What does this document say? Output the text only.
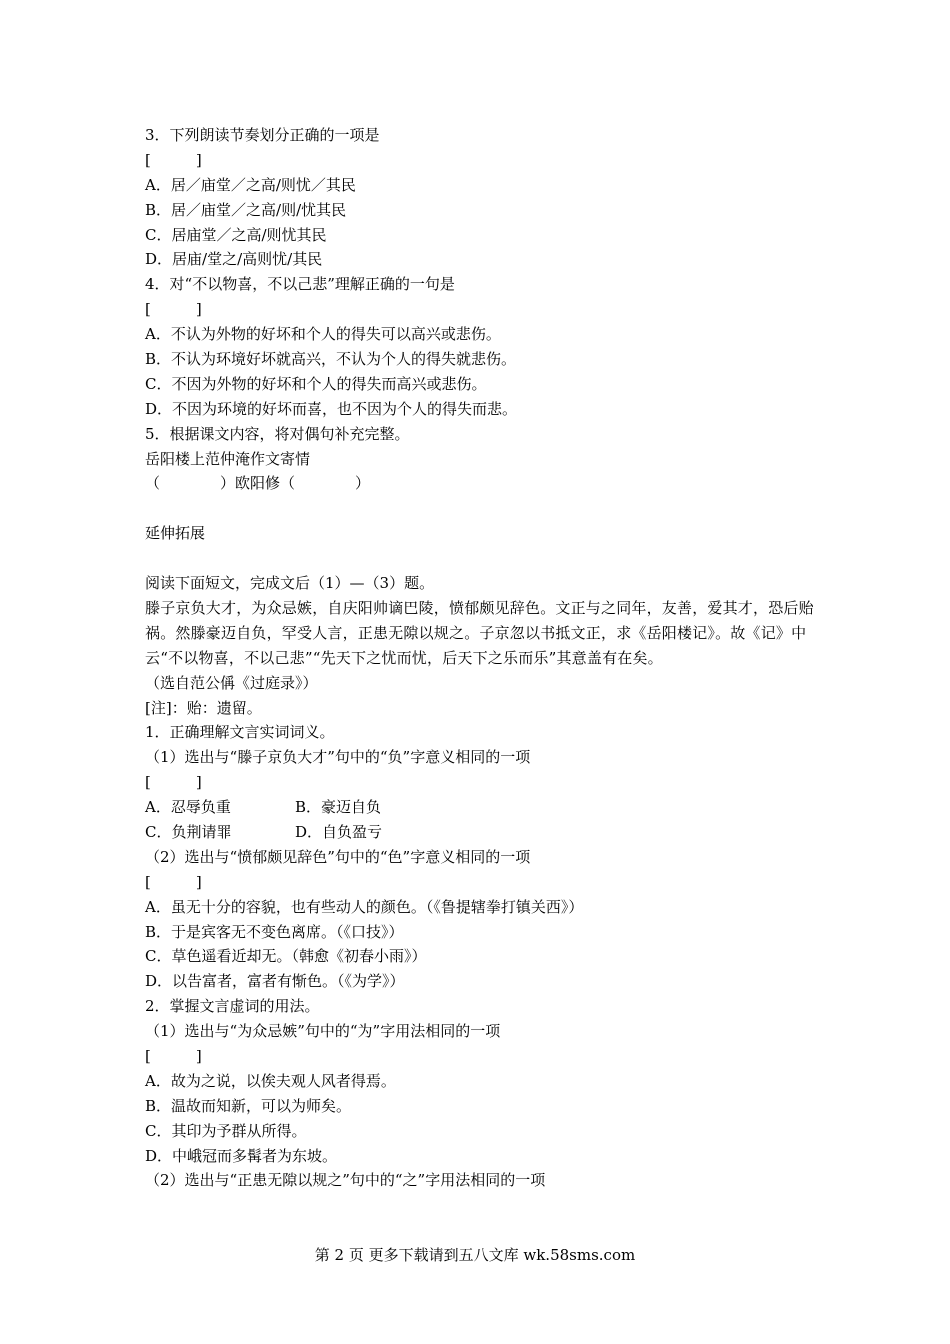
3．下列朗读节奏划分正确的一项是
[　　　]
A．居／庙堂／之高/则忧／其民
B．居／庙堂／之高/则/忧其民
C．居庙堂／之高/则忧其民
D．居庙/堂之/高则忧/其民
4．对“不以物喜，不以己悲”理解正确的一句是
[　　　]
A．不认为外物的好坏和个人的得失可以高兴或悲伤。
B．不认为环境好坏就高兴，不认为个人的得失就悲伤。
C．不因为外物的好坏和个人的得失而高兴或悲伤。
D．不因为环境的好坏而喜，也不因为个人的得失而悲。
5．根据课文内容，将对偶句补充完整。
岳阳楼上范仲淹作文寄情
（　　　　）欧阳修（　　　　）
延伸拓展
阅读下面短文，完成文后（1）—（3）题。
滕子京负大才，为众忌嫉，自庆阳帅谪巴陵，愤郁颇见辞色。文正与之同年，友善，爱其才，恐后贻祸。然滕豪迈自负，罕受人言，正患无隙以规之。子京忽以书抵文正，求《岳阳楼记》。故《记》中云“不以物喜，不以己悲”“先天下之忧而忧，后天下之乐而乐”其意盖有在矣。
（选自范公偁《过庭录》）
[注]：贻：遗留。
1．正确理解文言实词词义。
（1）选出与“滕子京负大才”句中的“负”字意义相同的一项
[　　　]
A．忍辱负重	B．豪迈自负
C．负荆请罪	D．自负盈亏
（2）选出与“愤郁颇见辞色”句中的“色”字意义相同的一项
[　　　]
A．虽无十分的容貌，也有些动人的颜色。（《鲁提辖拳打镇关西》）
B．于是宾客无不变色离席。（《口技》）
C．草色遥看近却无。（韩愈《初春小雨》）
D．以告富者，富者有惭色。（《为学》）
2．掌握文言虚词的用法。
（1）选出与“为众忌嫉”句中的“为”字用法相同的一项
[　　　]
A．故为之说，以俟夫观人风者得焉。
B．温故而知新，可以为师矣。
C．其印为予群从所得。
D．中峨冠而多髯者为东坡。
（2）选出与“正患无隙以规之”句中的“之”字用法相同的一项
第 2 页 更多下载请到五八文库 wk.58sms.com
